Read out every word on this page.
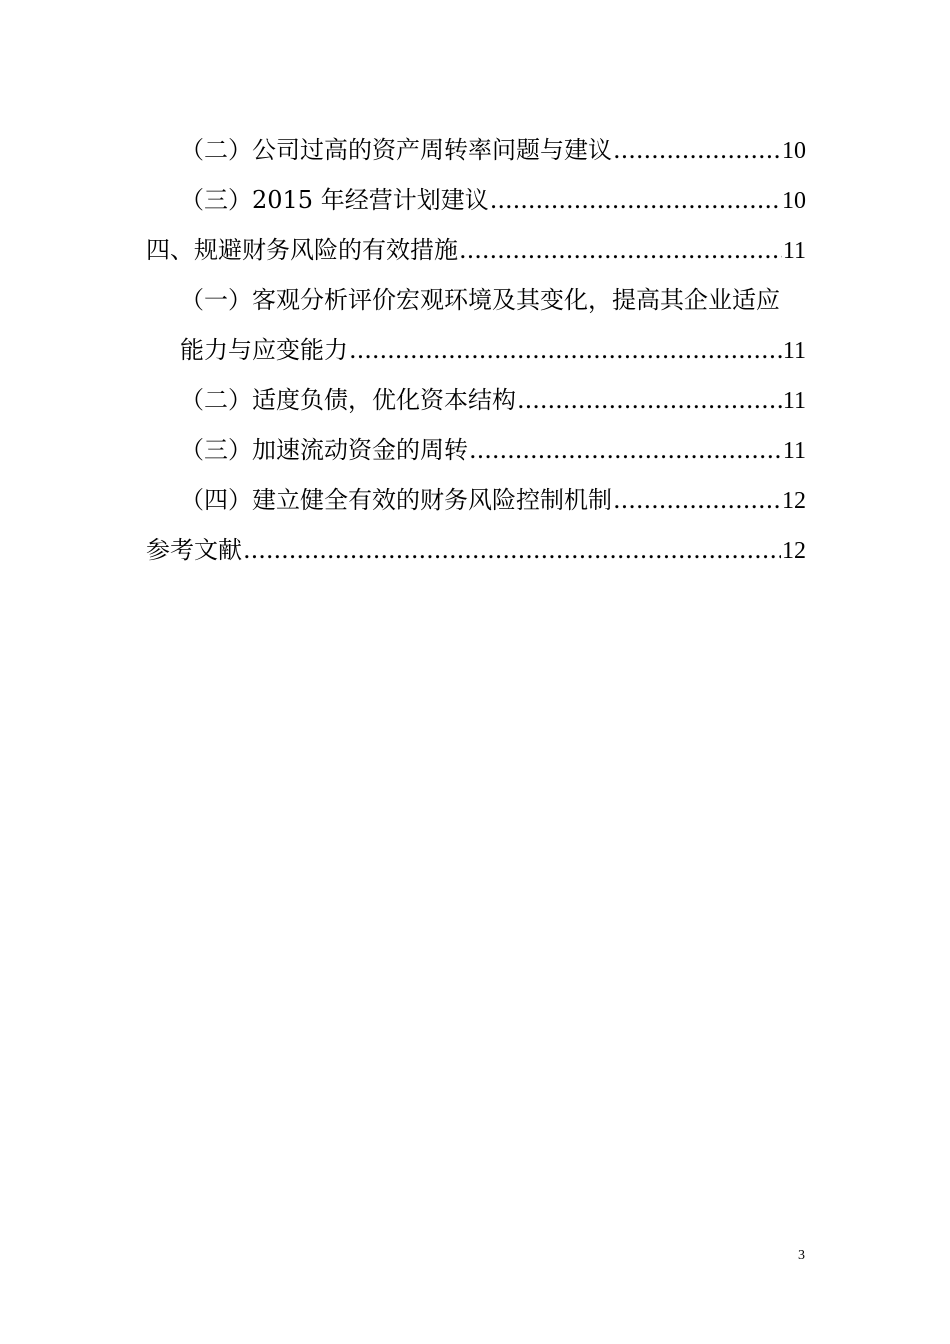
（二）公司过高的资产周转率问题与建议 .....	10
（三）2015 年经营计划建议 .....	10
四、规避财务风险的有效措施 .....	11
（一）客观分析评价宏观环境及其变化，提高其企业适应
能力与应变能力 .....	11
（二）适度负债，优化资本结构 .....	11
（三）加速流动资金的周转 .....	11
（四）建立健全有效的财务风险控制机制 .....	12
参考文献 .....	12
3
